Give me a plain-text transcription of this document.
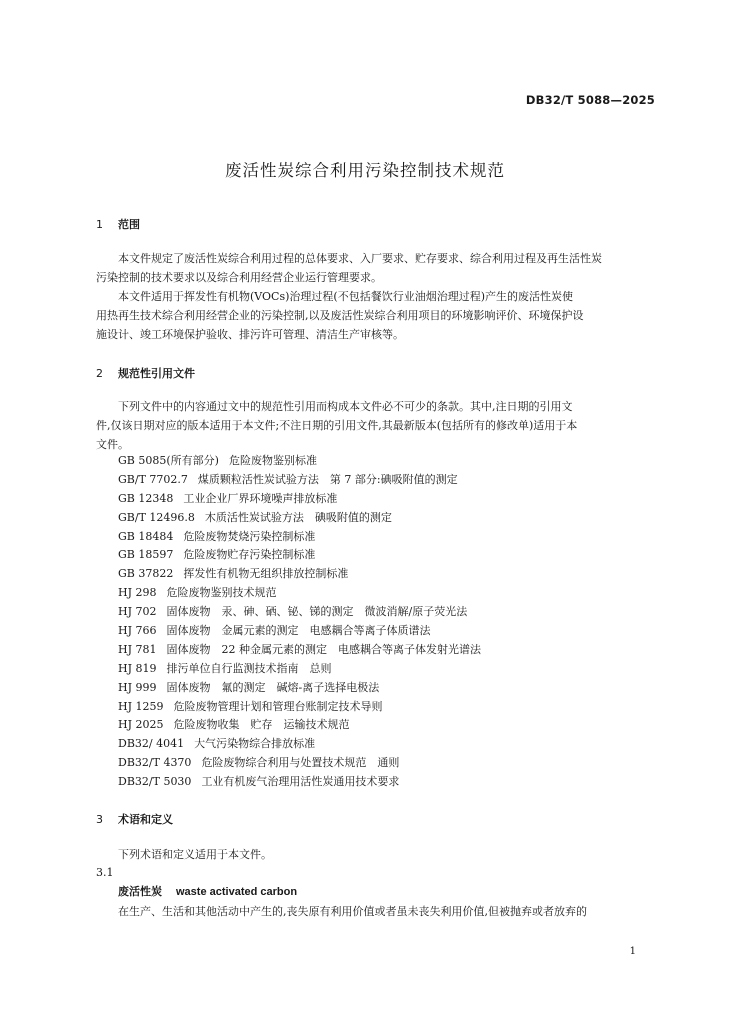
DB32/T 5088—2025
废活性炭综合利用污染控制技术规范
1 范围
本文件规定了废活性炭综合利用过程的总体要求、入厂要求、贮存要求、综合利用过程及再生活性炭
污染控制的技术要求以及综合利用经营企业运行管理要求。
本文件适用于挥发性有机物(VOCs)治理过程(不包括餐饮行业油烟治理过程)产生的废活性炭使
用热再生技术综合利用经营企业的污染控制,以及废活性炭综合利用项目的环境影响评价、环境保护设
施设计、竣工环境保护验收、排污许可管理、清洁生产审核等。
2 规范性引用文件
下列文件中的内容通过文中的规范性引用而构成本文件必不可少的条款。其中,注日期的引用文
件,仅该日期对应的版本适用于本文件;不注日期的引用文件,其最新版本(包括所有的修改单)适用于本
文件。
GB 5085(所有部分) 危险废物鉴别标准
GB/T 7702.7 煤质颗粒活性炭试验方法　第 7 部分:碘吸附值的测定
GB 12348 工业企业厂界环境噪声排放标准
GB/T 12496.8 木质活性炭试验方法　碘吸附值的测定
GB 18484 危险废物焚烧污染控制标准
GB 18597 危险废物贮存污染控制标准
GB 37822 挥发性有机物无组织排放控制标准
HJ 298 危险废物鉴别技术规范
HJ 702 固体废物　汞、砷、硒、铋、锑的测定　微波消解/原子荧光法
HJ 766 固体废物　金属元素的测定　电感耦合等离子体质谱法
HJ 781 固体废物　22 种金属元素的测定　电感耦合等离子体发射光谱法
HJ 819 排污单位自行监测技术指南　总则
HJ 999 固体废物　氟的测定　碱熔-离子选择电极法
HJ 1259 危险废物管理计划和管理台账制定技术导则
HJ 2025 危险废物收集　贮存　运输技术规范
DB32/ 4041 大气污染物综合排放标准
DB32/T 4370 危险废物综合利用与处置技术规范　通则
DB32/T 5030 工业有机废气治理用活性炭通用技术要求
3 术语和定义
下列术语和定义适用于本文件。
3.1
废活性炭 waste activated carbon
在生产、生活和其他活动中产生的,丧失原有利用价值或者虽未丧失利用价值,但被抛弃或者放弃的
1
